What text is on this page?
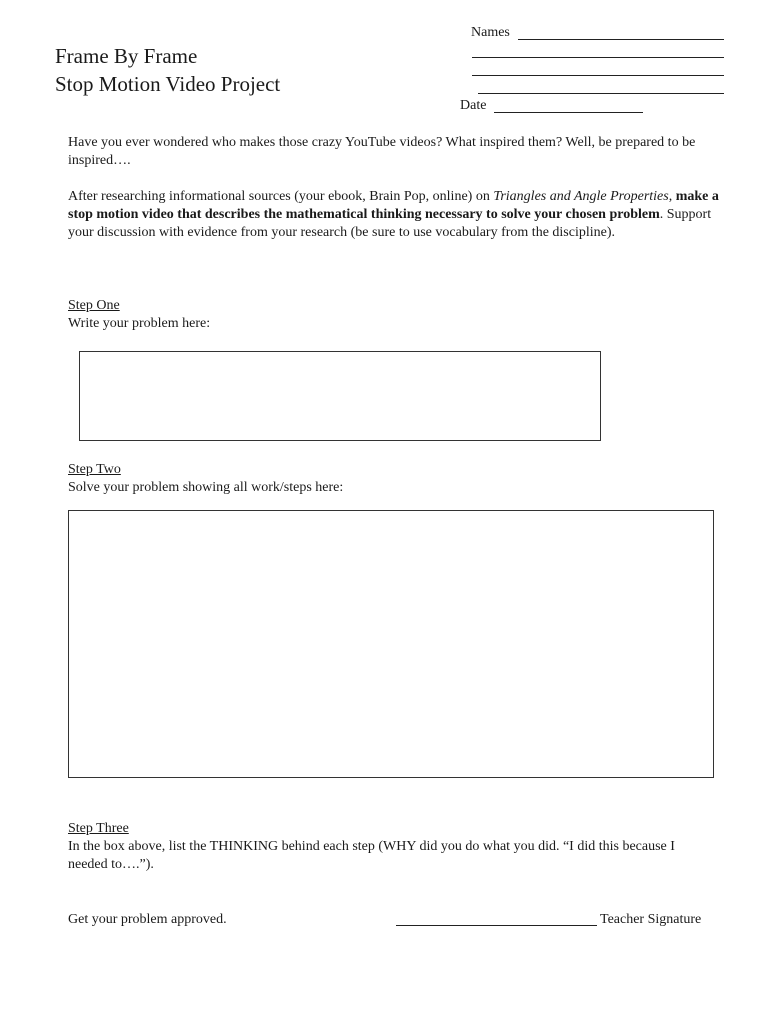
Frame By Frame
Stop Motion Video Project
Names
Date
Have you ever wondered who makes those crazy YouTube videos? What inspired them? Well, be prepared to be inspired….
After researching informational sources (your ebook, Brain Pop, online) on Triangles and Angle Properties, make a stop motion video that describes the mathematical thinking necessary to solve your chosen problem. Support your discussion with evidence from your research (be sure to use vocabulary from the discipline).
Step One
Write your problem here:
Step Two
Solve your problem showing all work/steps here:
Step Three
In the box above, list the THINKING behind each step (WHY did you do what you did. “I did this because I needed to….”).
Get your problem approved.	Teacher Signature
